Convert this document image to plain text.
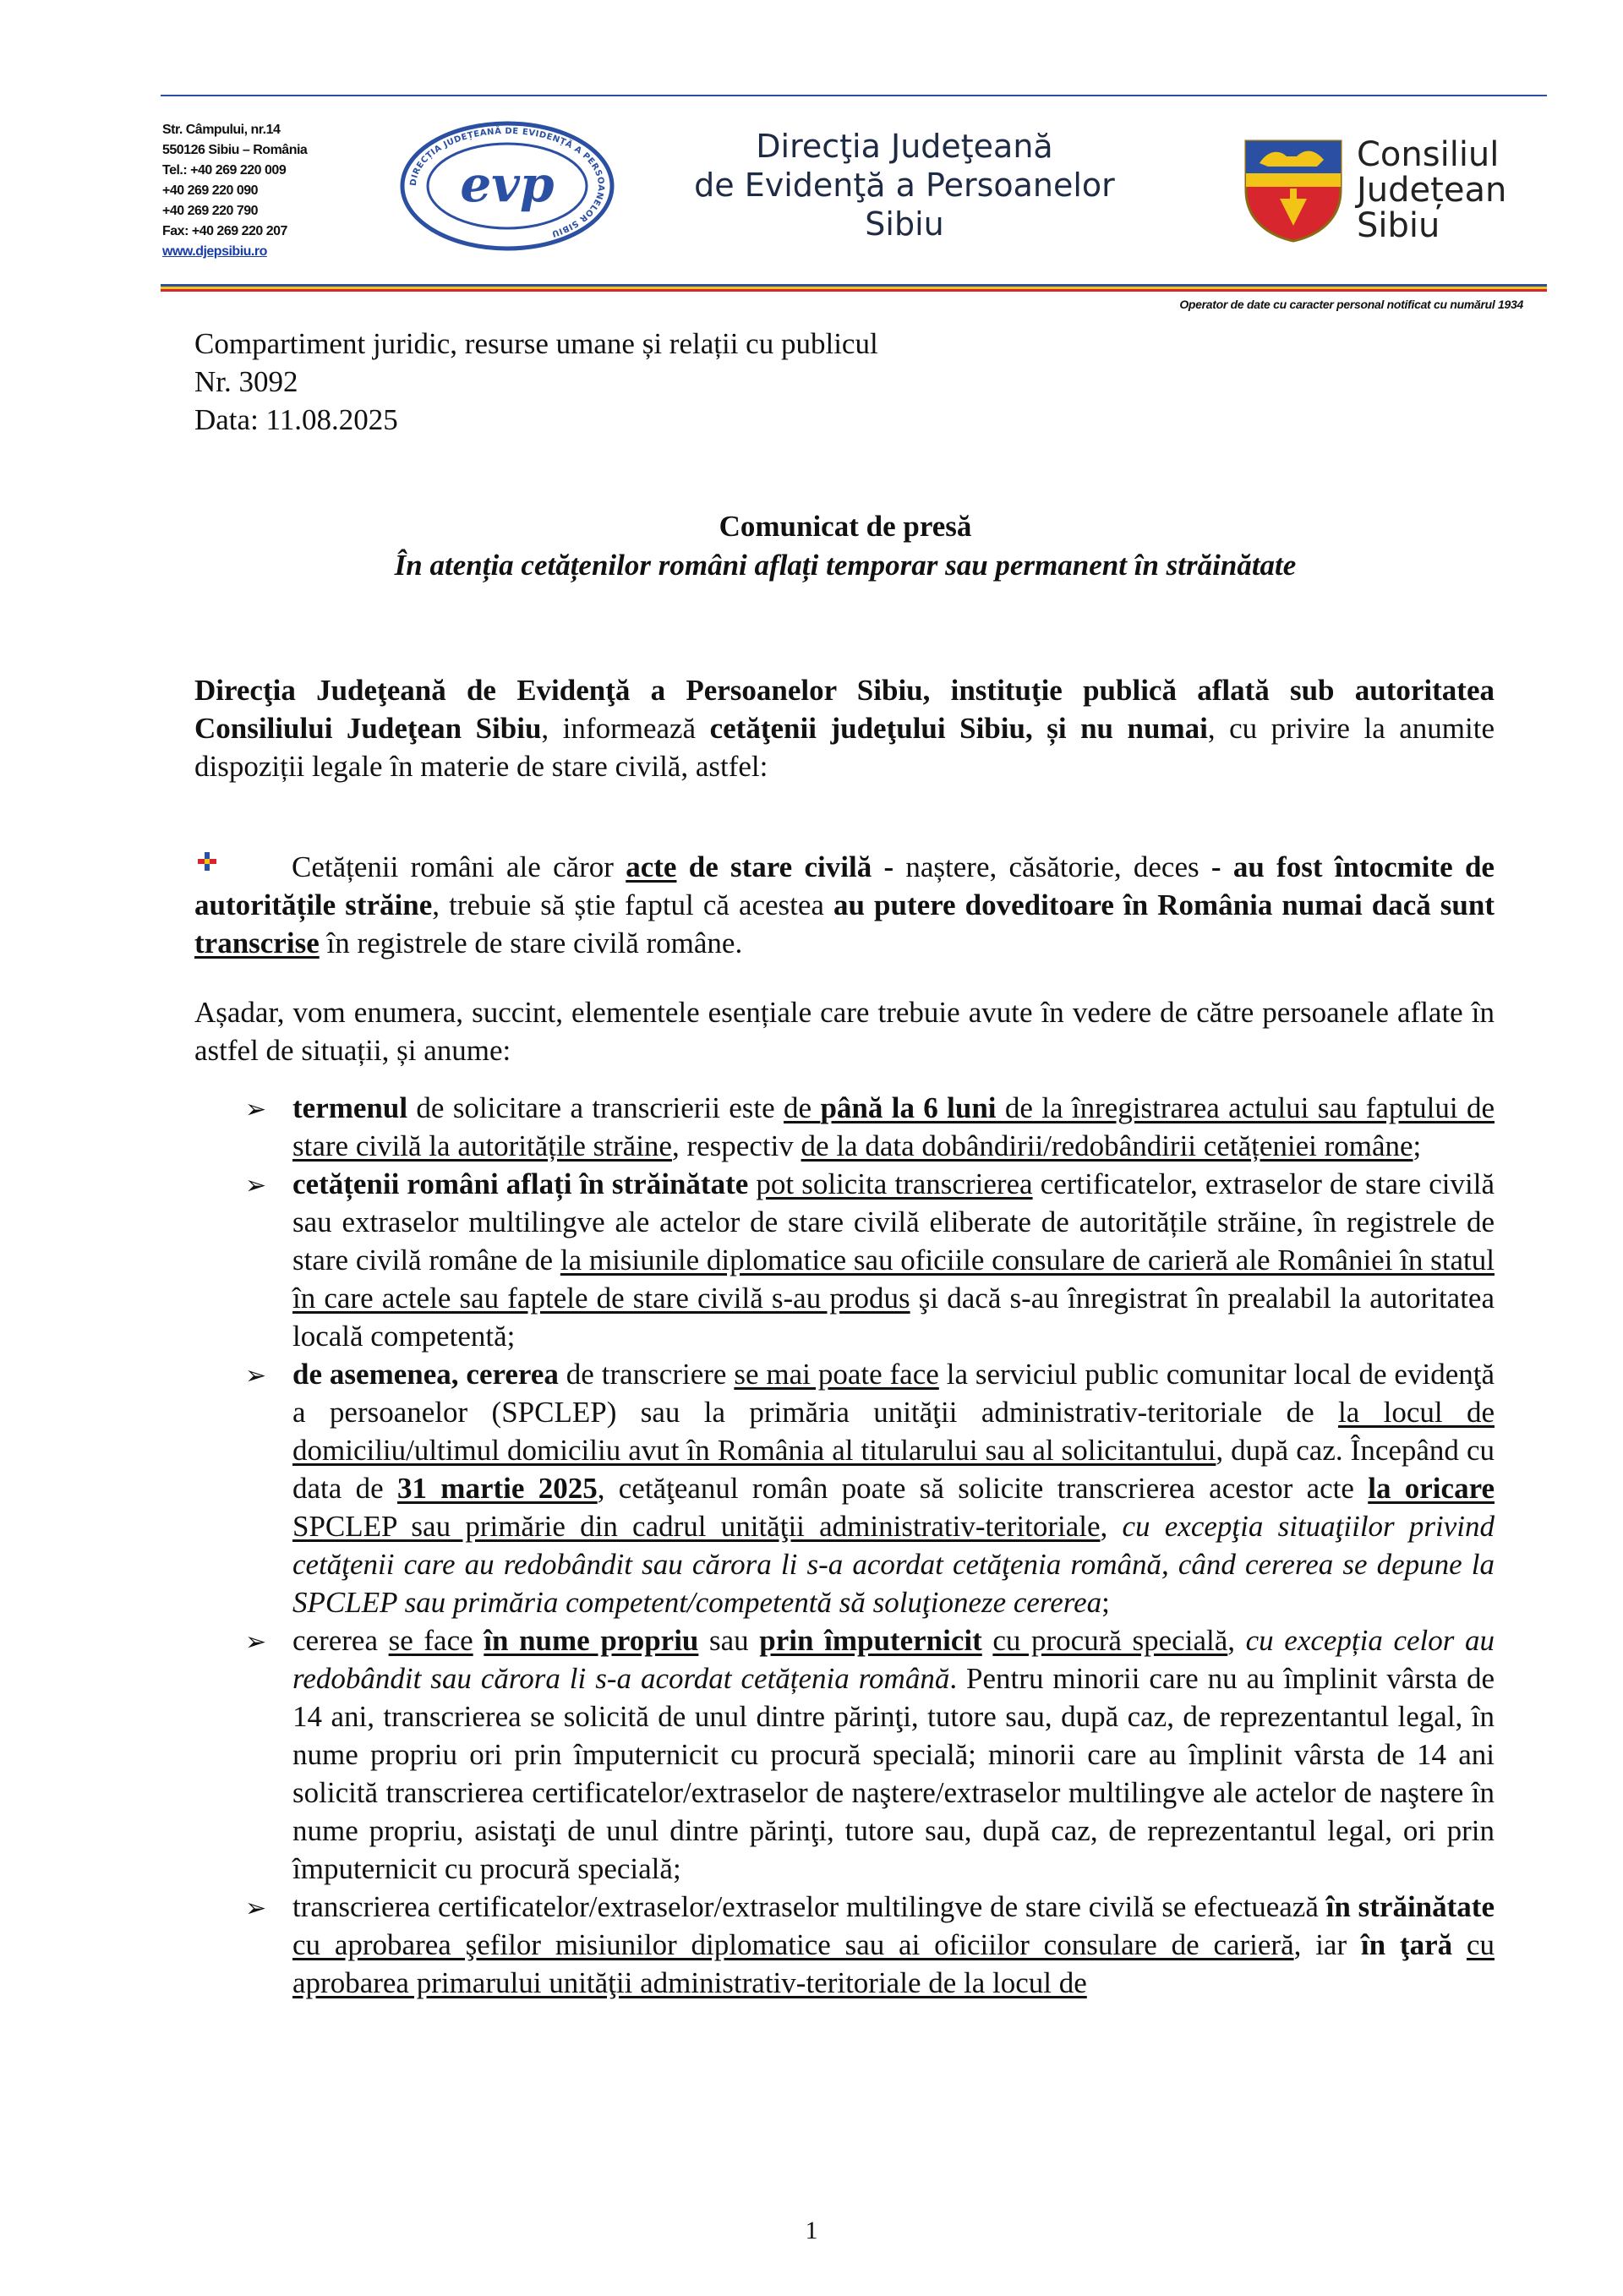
Str. Câmpului, nr.14
550126 Sibiu – România
Tel.: +40 269 220 009
+40 269 220 090
+40 269 220 790
Fax: +40 269 220 207
www.djepsibiu.ro
DIRECȚIA JUDEȚEANĂ DE EVIDENȚĂ A PERSOANELOR SIBIU
evp
Direcţia Judeţeană
de Evidenţă a Persoanelor
Sibiu
Consiliul
Județean
Sibiu
Operator de date cu caracter personal notificat cu numărul 1934
Compartiment juridic, resurse umane și relații cu publicul
Nr. 3092
Data: 11.08.2025
Comunicat de presă
În atenția cetățenilor români aflați temporar sau permanent în străinătate

Direcţia Judeţeană de Evidenţă a Persoanelor Sibiu, instituţie publică aflată sub autoritatea Consiliului Judeţean Sibiu, informează cetăţenii judeţului Sibiu, și nu numai, cu privire la anumite dispoziții legale în materie de stare civilă, astfel:

Cetățenii români ale căror acte de stare civilă - naștere, căsătorie, deces - au fost întocmite de autoritățile străine, trebuie să știe faptul că acestea au putere doveditoare în România numai dacă sunt transcrise în registrele de stare civilă române.

Așadar, vom enumera, succint, elementele esențiale care trebuie avute în vedere de către persoanele aflate în astfel de situații, și anume:

➢ termenul de solicitare a transcrierii este de până la 6 luni de la înregistrarea actului sau faptului de stare civilă la autoritățile străine, respectiv de la data dobândirii/redobândirii cetățeniei române;
➢ cetățenii români aflați în străinătate pot solicita transcrierea certificatelor, extraselor de stare civilă sau extraselor multilingve ale actelor de stare civilă eliberate de autoritățile străine, în registrele de stare civilă române de la misiunile diplomatice sau oficiile consulare de carieră ale României în statul în care actele sau faptele de stare civilă s-au produs şi dacă s-au înregistrat în prealabil la autoritatea locală competentă;
➢ de asemenea, cererea de transcriere se mai poate face la serviciul public comunitar local de evidenţă a persoanelor (SPCLEP) sau la primăria unităţii administrativ-teritoriale de la locul de domiciliu/ultimul domiciliu avut în România al titularului sau al solicitantului, după caz. Începând cu data de 31 martie 2025, cetăţeanul român poate să solicite transcrierea acestor acte la oricare SPCLEP sau primărie din cadrul unităţii administrativ-teritoriale, cu excepţia situaţiilor privind cetăţenii care au redobândit sau cărora li s-a acordat cetăţenia română, când cererea se depune la SPCLEP sau primăria competent/competentă să soluţioneze cererea;
➢ cererea se face în nume propriu sau prin împuternicit cu procură specială, cu excepția celor au redobândit sau cărora li s-a acordat cetățenia română. Pentru minorii care nu au împlinit vârsta de 14 ani, transcrierea se solicită de unul dintre părinţi, tutore sau, după caz, de reprezentantul legal, în nume propriu ori prin împuternicit cu procură specială; minorii care au împlinit vârsta de 14 ani solicită transcrierea certificatelor/extraselor de naştere/extraselor multilingve ale actelor de naştere în nume propriu, asistaţi de unul dintre părinţi, tutore sau, după caz, de reprezentantul legal, ori prin împuternicit cu procură specială;
➢ transcrierea certificatelor/extraselor/extraselor multilingve de stare civilă se efectuează în străinătate cu aprobarea şefilor misiunilor diplomatice sau ai oficiilor consulare de carieră, iar în ţară cu aprobarea primarului unităţii administrativ-teritoriale de la locul de
1
